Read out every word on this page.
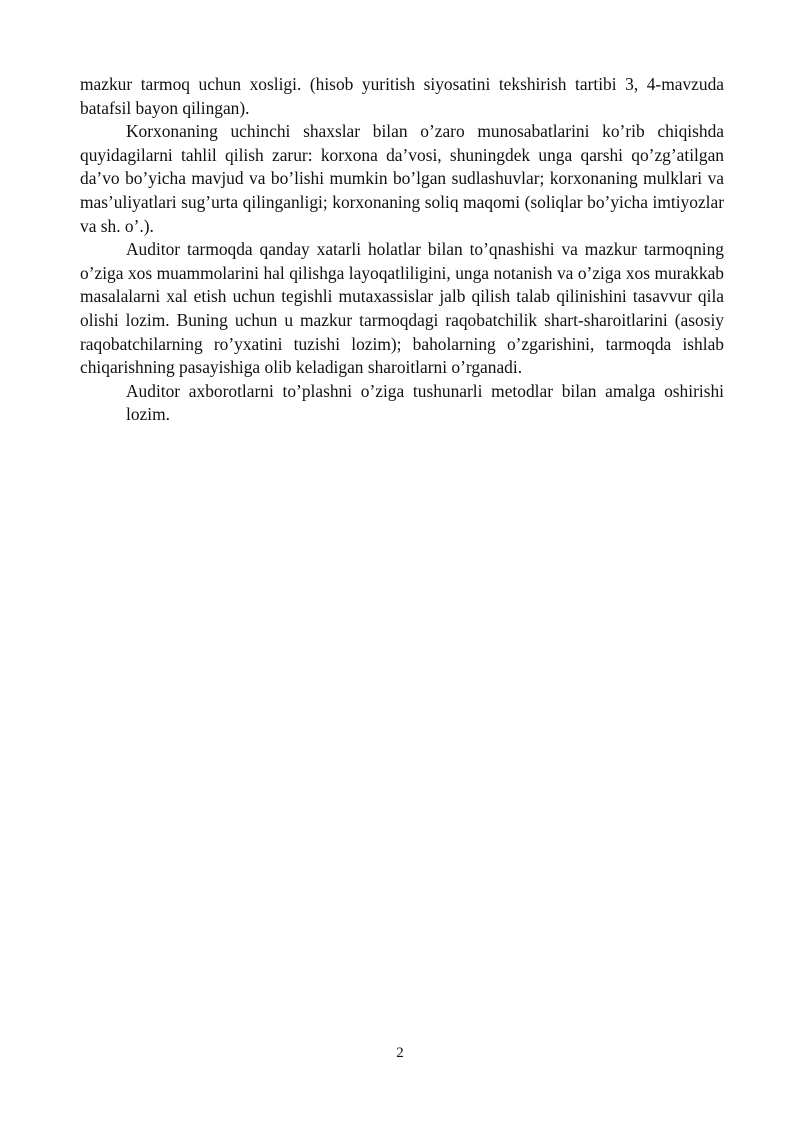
mazkur tarmoq uchun xosligi. (hisob yuritish siyosatini tekshirish tartibi 3, 4-mavzuda batafsil bayon qilingan).

Korxonaning uchinchi shaxslar bilan o’zaro munosabatlarini ko’rib chiqishda quyidagilarni tahlil qilish zarur: korxona da’vosi, shuningdek unga qarshi qo’zg’atilgan da’vo bo’yicha mavjud va bo’lishi mumkin bo’lgan sudlashuvlar; korxonaning mulklari va mas’uliyatlari sug’urta qilinganligi; korxonaning soliq maqomi (soliqlar bo’yicha imtiyozlar va sh. o’.).

Auditor tarmoqda qanday xatarli holatlar bilan to’qnashishi va mazkur tarmoqning o’ziga xos muammolarini hal qilishga layoqatliligini, unga notanish va o’ziga xos murakkab masalalarni xal etish uchun tegishli mutaxassislar jalb qilish talab qilinishini tasavvur qila olishi lozim. Buning uchun u mazkur tarmoqdagi raqobatchilik shart-sharoitlarini (asosiy raqobatchilarning ro’yxatini tuzishi lozim); baholarning o’zgarishini, tarmoqda ishlab chiqarishning pasayishiga olib keladigan sharoitlarni o’rganadi.

Auditor axborotlarni to’plashni o’ziga tushunarli metodlar bilan amalga oshirishi lozim.

2
